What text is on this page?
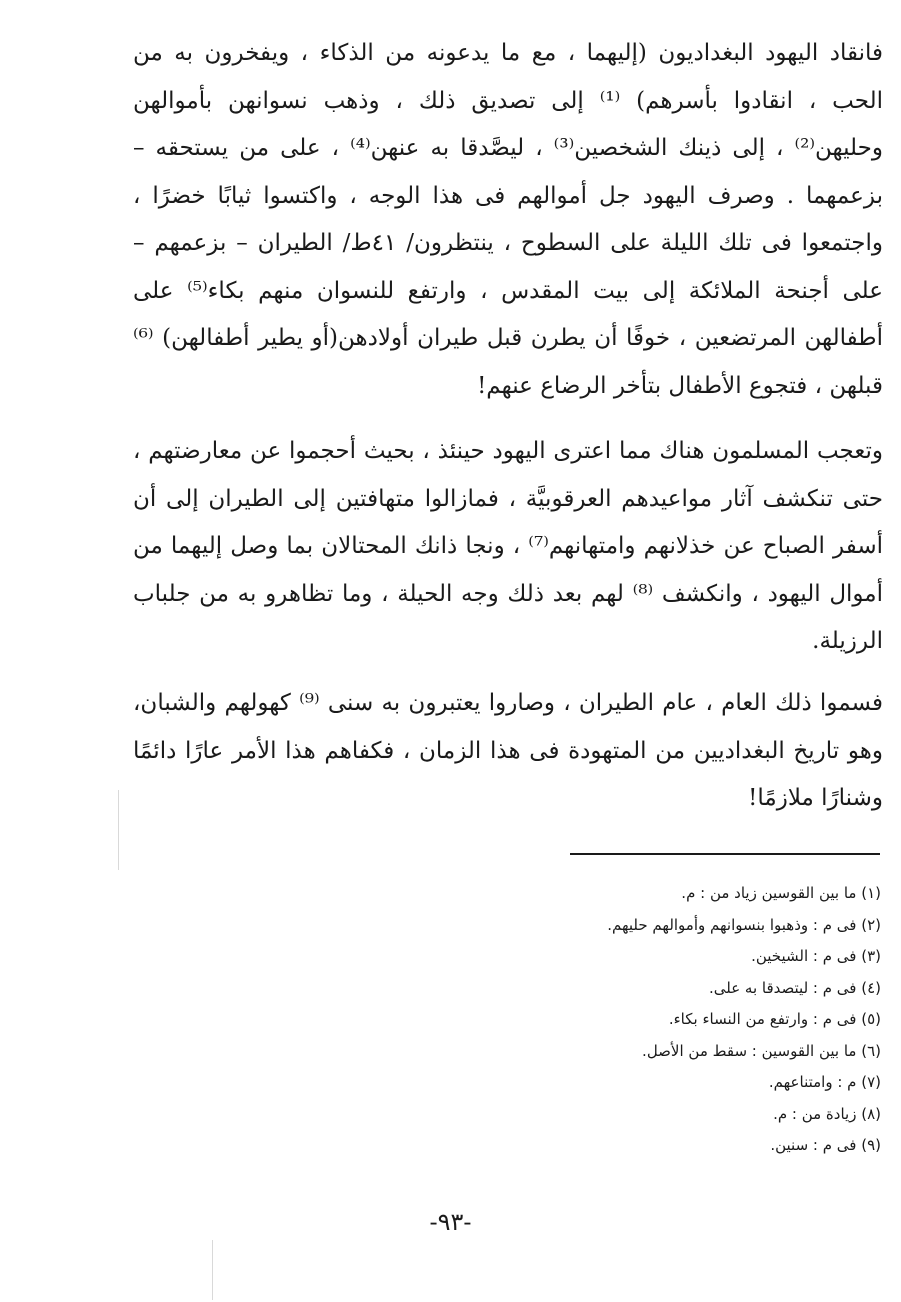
فانقاد اليهود البغداديون (إليهما ، مع ما يدعونه من الذكاء ، ويفخرون به من الحب ، انقادوا بأسرهم) ⁽¹⁾ إلى تصديق ذلك ، وذهب نسوانهن بأموالهن وحليهن⁽²⁾ ، إلى ذينك الشخصين⁽³⁾ ، ليصَّدقا به عنهن⁽⁴⁾ ، على من يستحقه – بزعمهما . وصرف اليهود جل أموالهم فى هذا الوجه ، واكتسوا ثيابًا خضرًا ، واجتمعوا فى تلك الليلة على السطوح ، ينتظرون/ ٤١ط/ الطيران – بزعمهم – على أجنحة الملائكة إلى بيت المقدس ، وارتفع للنسوان منهم بكاء⁽⁵⁾ على أطفالهن المرتضعين ، خوفًا أن يطرن قبل طيران أولادهن(أو يطير أطفالهن) ⁽⁶⁾ قبلهن ، فتجوع الأطفال بتأخر الرضاع عنهم!

وتعجب المسلمون هناك مما اعترى اليهود حينئذ ، بحيث أحجموا عن معارضتهم ، حتى تنكشف آثار مواعيدهم العرقوبيَّة ، فمازالوا متهافتين إلى الطيران إلى أن أسفر الصباح عن خذلانهم وامتهانهم⁽⁷⁾ ، ونجا ذانك المحتالان بما وصل إليهما من أموال اليهود ، وانكشف ⁽⁸⁾ لهم بعد ذلك وجه الحيلة ، وما تظاهرو به من جلباب الرزيلة.

فسموا ذلك العام ، عام الطيران ، وصاروا يعتبرون به سنى ⁽⁹⁾ كهولهم والشبان، وهو تاريخ البغداديين من المتهودة فى هذا الزمان ، فكفاهم هذا الأمر عارًا دائمًا وشنارًا ملازمًا!

(١) ما بين القوسين زياد من : م.
(٢) فى م : وذهبوا بنسوانهم وأموالهم حليهم.
(٣) فى م : الشيخين.
(٤) فى م : ليتصدقا به على.
(٥) فى م : وارتفع من النساء بكاء.
(٦) ما بين القوسين : سقط من الأصل.
(٧) م : وامتناعهم.
(٨) زيادة من : م.
(٩) فى م : سنين.
-٩٣-
